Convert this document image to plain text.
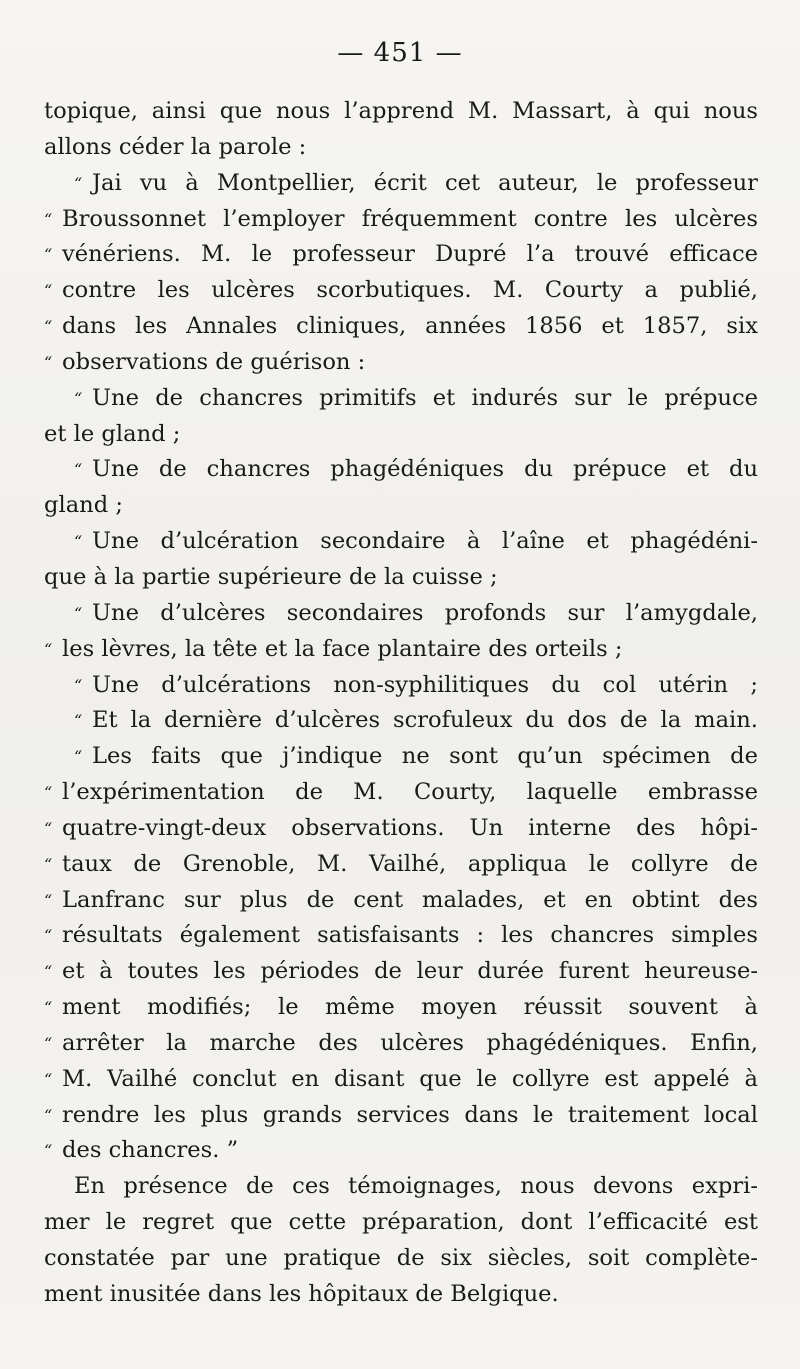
— 451 —
topique, ainsi que nous l’apprend M. Massart, à qui nous
allons céder la parole :
“ Jai vu à Montpellier, écrit cet auteur, le professeur
“ Broussonnet l’employer fréquemment contre les ulcères
“ vénériens. M. le professeur Dupré l’a trouvé efficace
“ contre les ulcères scorbutiques. M. Courty a publié,
“ dans les Annales cliniques, années 1856 et 1857, six
“ observations de guérison :
“ Une de chancres primitifs et indurés sur le prépuce
et le gland ;
“ Une de chancres phagédéniques du prépuce et du
gland ;
“ Une d’ulcération secondaire à l’aîne et phagédéni-
que à la partie supérieure de la cuisse ;
“ Une d’ulcères secondaires profonds sur l’amygdale,
“ les lèvres, la tête et la face plantaire des orteils ;
“ Une d’ulcérations non-syphilitiques du col utérin ;
“ Et la dernière d’ulcères scrofuleux du dos de la main.
“ Les faits que j’indique ne sont qu’un spécimen de
“ l’expérimentation de M. Courty, laquelle embrasse
“ quatre-vingt-deux observations. Un interne des hôpi-
“ taux de Grenoble, M. Vailhé, appliqua le collyre de
“ Lanfranc sur plus de cent malades, et en obtint des
“ résultats également satisfaisants : les chancres simples
“ et à toutes les périodes de leur durée furent heureuse-
“ ment modifiés; le même moyen réussit souvent à
“ arrêter la marche des ulcères phagédéniques. Enfin,
“ M. Vailhé conclut en disant que le collyre est appelé à
“ rendre les plus grands services dans le traitement local
“ des chancres. ”
En présence de ces témoignages, nous devons expri-
mer le regret que cette préparation, dont l’efficacité est
constatée par une pratique de six siècles, soit complète-
ment inusitée dans les hôpitaux de Belgique.
